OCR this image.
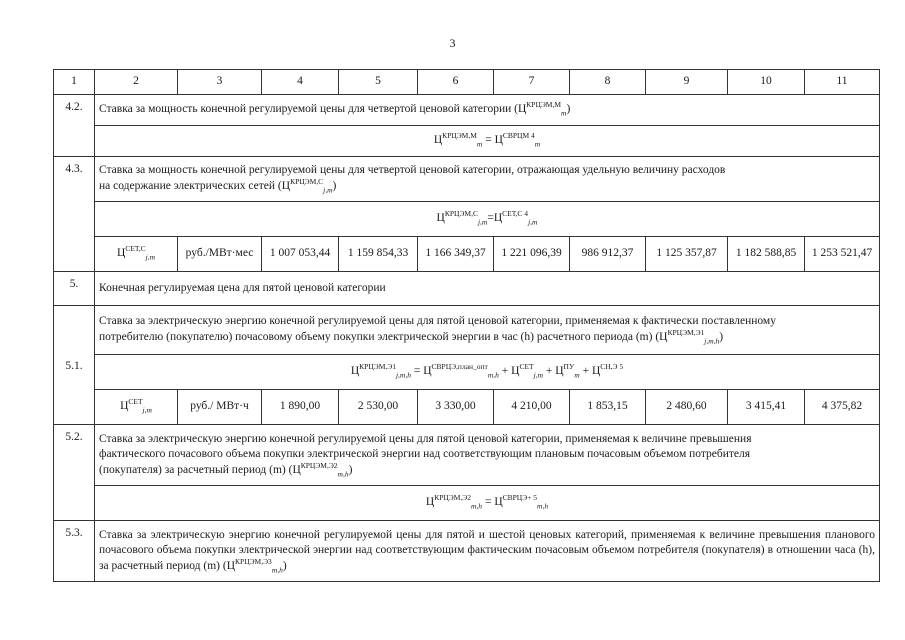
3
1	2	3	4	5	6	7	8	9	10	11
4.2.	Ставка за мощность конечной регулируемой цены для четвертой ценовой категории $(Ц^{КРЦЭМ,М}_m)$									
	$Ц^{КРЦЭМ,М}_m = Ц^{СВРЦМ 4}_m$
4.3.	Ставка за мощность конечной регулируемой цены для четвертой ценовой категории, отражающая удельную величину расходов
на содержание электрических сетей $(Ц^{КРЦЭМ,С}_{j,m})$									
	$Ц^{КРЦЭМ,С}_{j,m}=Ц^{СЕТ,С 4}_{j,m}$
	$Ц^{СЕТ,С}_{j,m}$	руб./МВт·мес	1 007 053,44	1 159 854,33	1 166 349,37	1 221 096,39	986 912,37	1 125 357,87	1 182 588,85	1 253 521,47
5.	Конечная регулируемая цена для пятой ценовой категории									
5.1.	Ставка за электрическую энергию конечной регулируемой цены для пятой ценовой категории, применяемая к фактически поставленному
потребителю (покупателю) почасовому объему покупки электрической энергии в час (h) расчетного периода (m) $(Ц^{КРЦЭМ,Э1}_{j,m,h})$									
	$Ц^{КРЦЭМ,Э1}_{j,m,h} = Ц^{СВРЦЭ,план\_опт}_{m,h} + Ц^{СЕТ}_{j,m} + Ц^{ПУ}_m + Ц^{СН,Э 5}$
	$Ц^{СЕТ}_{j,m}$	руб./ МВт·ч	1 890,00	2 530,00	3 330,00	4 210,00	1 853,15	2 480,60	3 415,41	4 375,82
5.2.	Ставка за электрическую энергию конечной регулируемой цены для пятой ценовой категории, применяемая к величине превышения
фактического почасового объема покупки электрической энергии над соответствующим плановым почасовым объемом потребителя
(покупателя) за расчетный период (m) $(Ц^{КРЦЭМ,Э2}_{m,h})$									
	$Ц^{КРЦЭМ,Э2}_{m,h} = Ц^{СВРЦЭ+ 5}_{m,h}$
5.3.	Ставка за электрическую энергию конечной регулируемой цены для пятой и шестой ценовых категорий, применяемая к величине превышения планового почасового объема покупки электрической энергии над соответствующим фактическим почасовым объемом потребителя (покупателя) в отношении часа (h), за расчетный период (m) $(Ц^{КРЦЭМ,Э3}_{m,h})$									
